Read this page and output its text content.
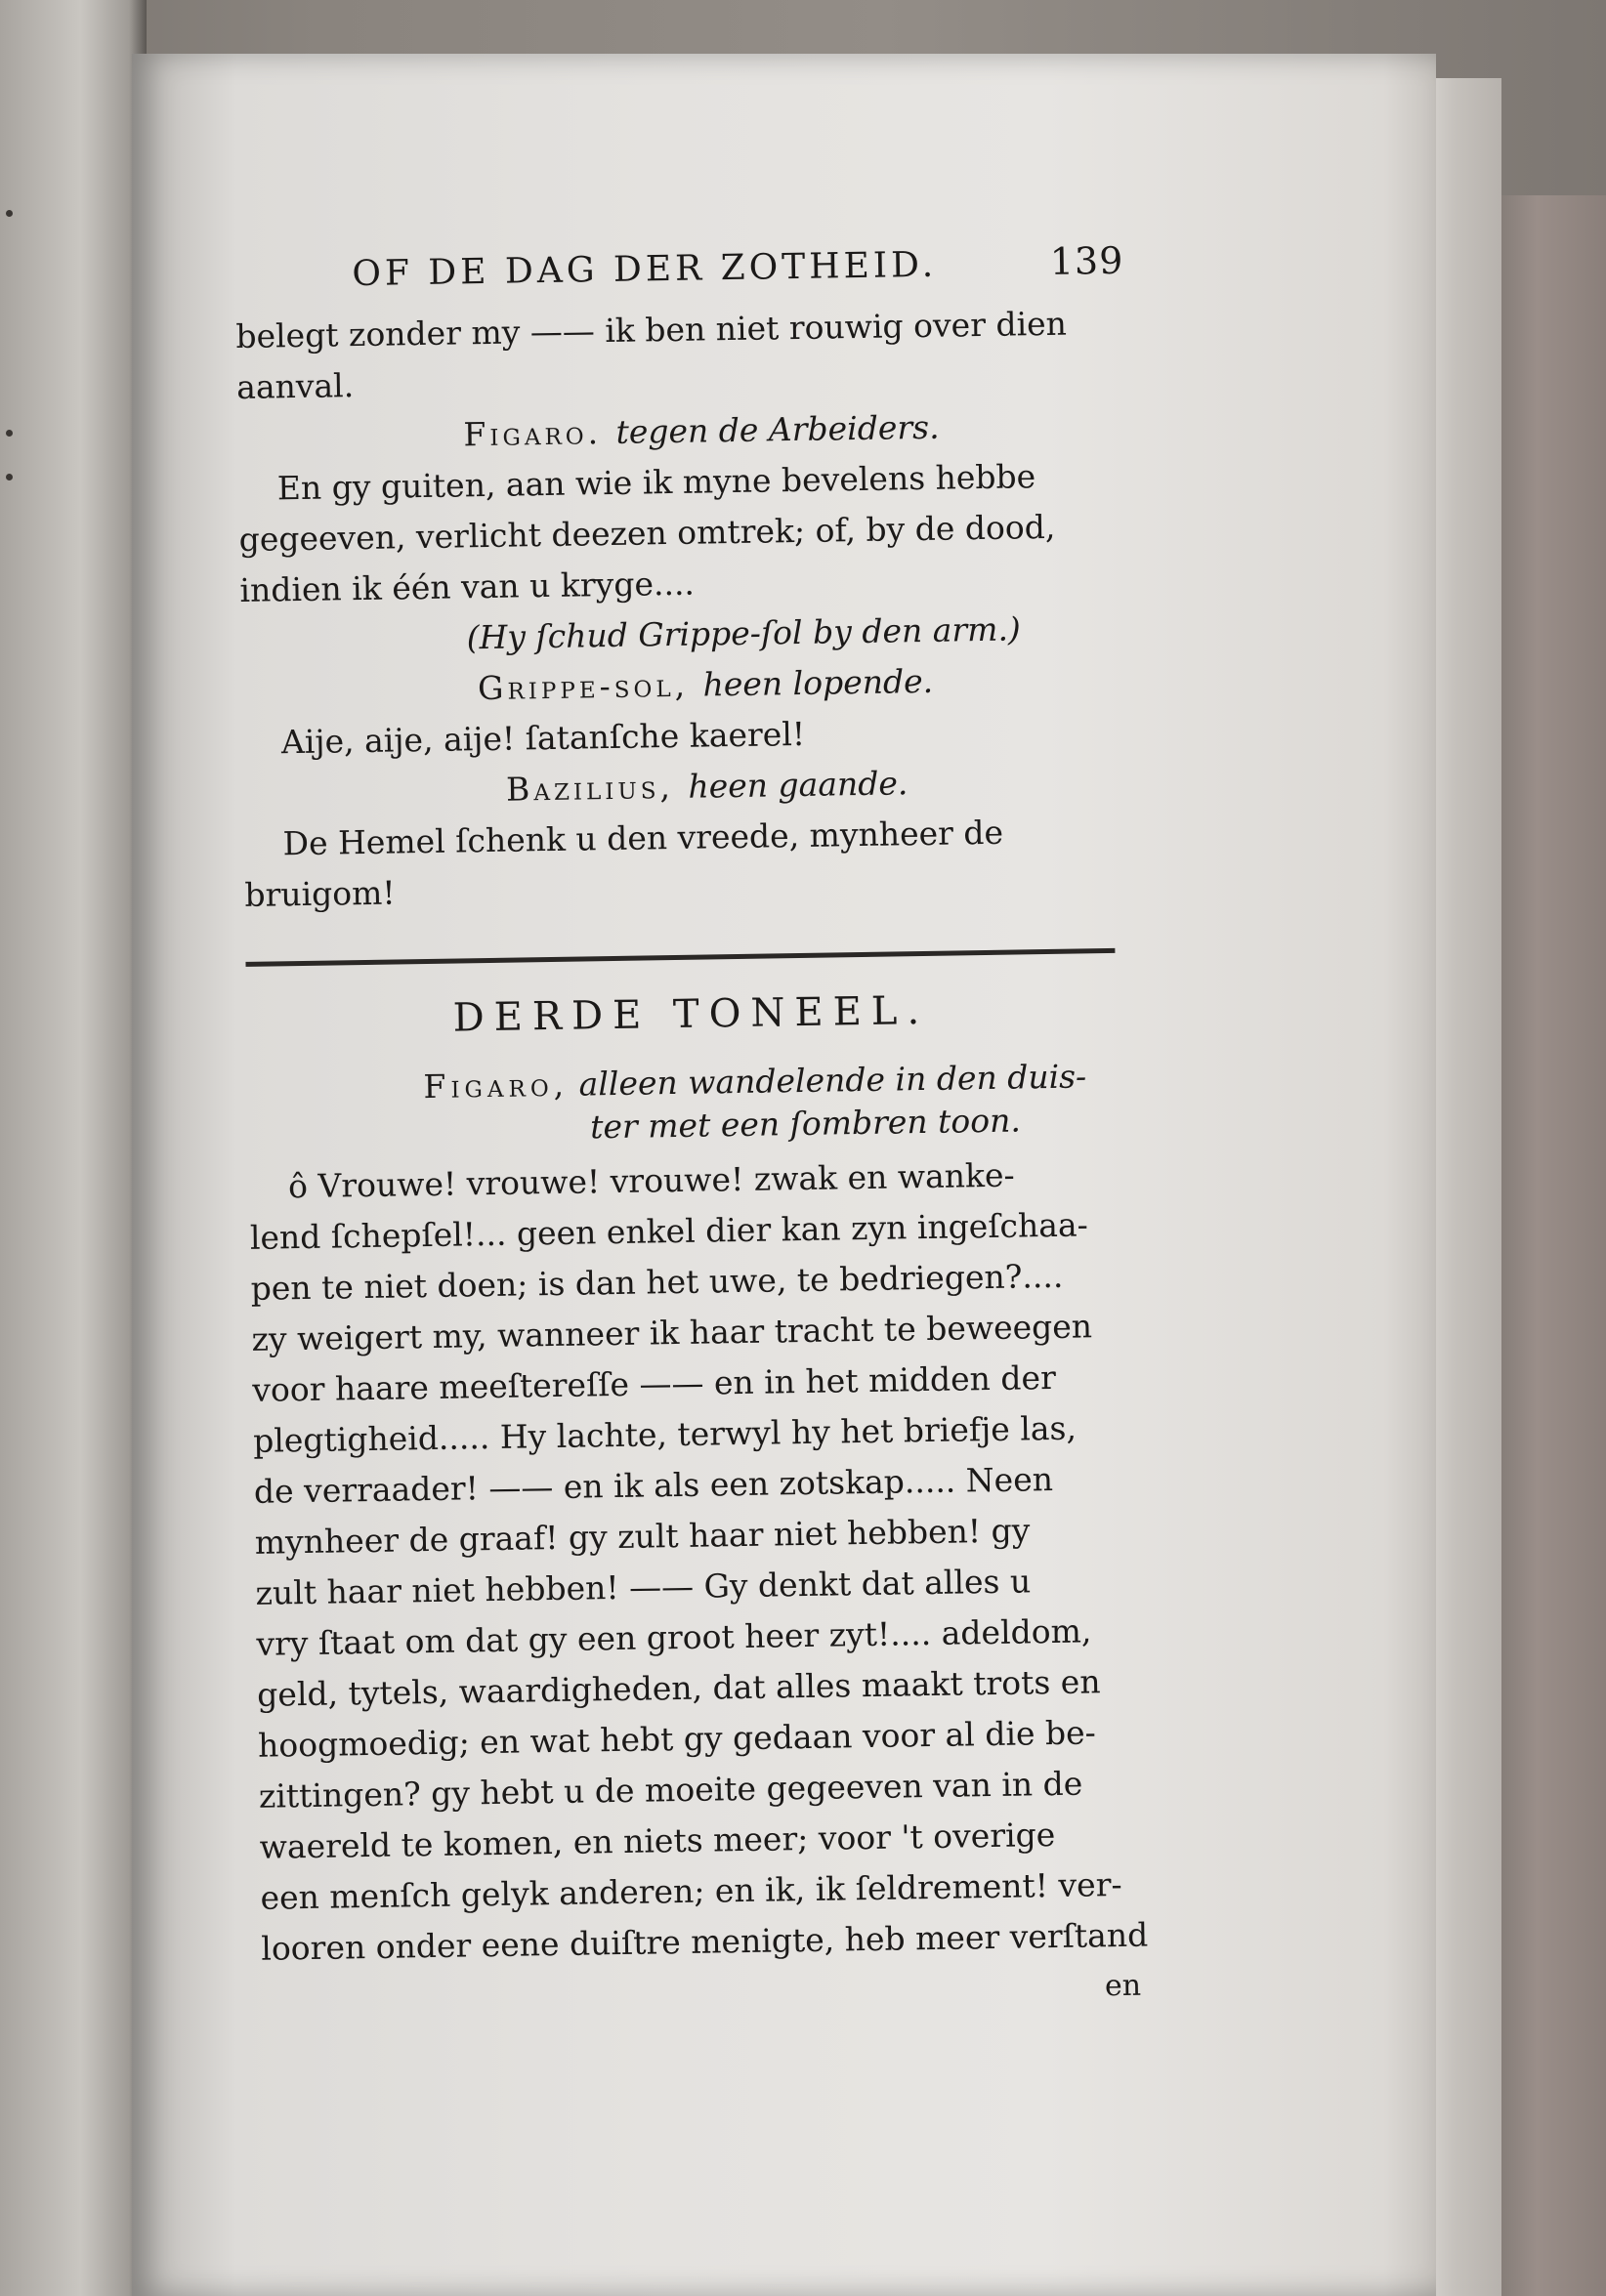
OF DE DAG DER ZOTHEID.	139
belegt zonder my —— ik ben niet rouwig over dien
aanval.
Figaro. tegen de Arbeiders.
En gy guiten, aan wie ik myne bevelens hebbe
gegeeven, verlicht deezen omtrek; of, by de dood,
indien ik één van u kryge....
(Hy ſchud Grippe-ſol by den arm.)
Grippe-sol, heen lopende.
Aije, aije, aije! ſatanſche kaerel!
Bazilius, heen gaande.
De Hemel ſchenk u den vreede, mynheer de
bruigom!
DERDE TONEEL.
Figaro, alleen wandelende in den duis-
ter met een ſombren toon.
ô Vrouwe! vrouwe! vrouwe! zwak en wanke-
lend ſchepſel!... geen enkel dier kan zyn ingeſchaa-
pen te niet doen; is dan het uwe, te bedriegen?....
zy weigert my, wanneer ik haar tracht te beweegen
voor haare meeſtereſſe —— en in het midden der
plegtigheid..... Hy lachte, terwyl hy het briefje las,
de verraader! —— en ik als een zotskap..... Neen
mynheer de graaf! gy zult haar niet hebben! gy
zult haar niet hebben! —— Gy denkt dat alles u
vry ſtaat om dat gy een groot heer zyt!.... adeldom,
geld, tytels, waardigheden, dat alles maakt trots en
hoogmoedig; en wat hebt gy gedaan voor al die be-
zittingen? gy hebt u de moeite gegeeven van in de
waereld te komen, en niets meer; voor 't overige
een menſch gelyk anderen; en ik, ik ſeldrement! ver-
looren onder eene duiſtre menigte, heb meer verſtand
en
